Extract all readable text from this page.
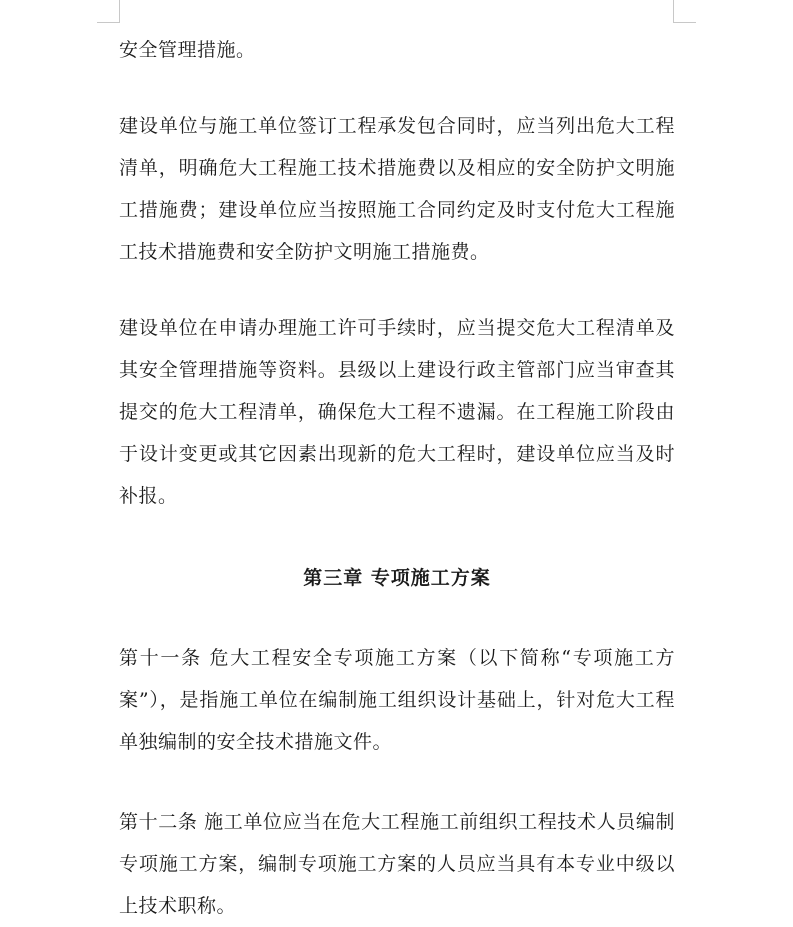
安全管理措施。

建设单位与施工单位签订工程承发包合同时，应当列出危大工程清单，明确危大工程施工技术措施费以及相应的安全防护文明施工措施费；建设单位应当按照施工合同约定及时支付危大工程施工技术措施费和安全防护文明施工措施费。

建设单位在申请办理施工许可手续时，应当提交危大工程清单及其安全管理措施等资料。县级以上建设行政主管部门应当审查其提交的危大工程清单，确保危大工程不遗漏。在工程施工阶段由于设计变更或其它因素出现新的危大工程时，建设单位应当及时补报。

第三章 专项施工方案

第十一条 危大工程安全专项施工方案（以下简称“专项施工方案”），是指施工单位在编制施工组织设计基础上，针对危大工程单独编制的安全技术措施文件。

第十二条 施工单位应当在危大工程施工前组织工程技术人员编制专项施工方案，编制专项施工方案的人员应当具有本专业中级以上技术职称。
